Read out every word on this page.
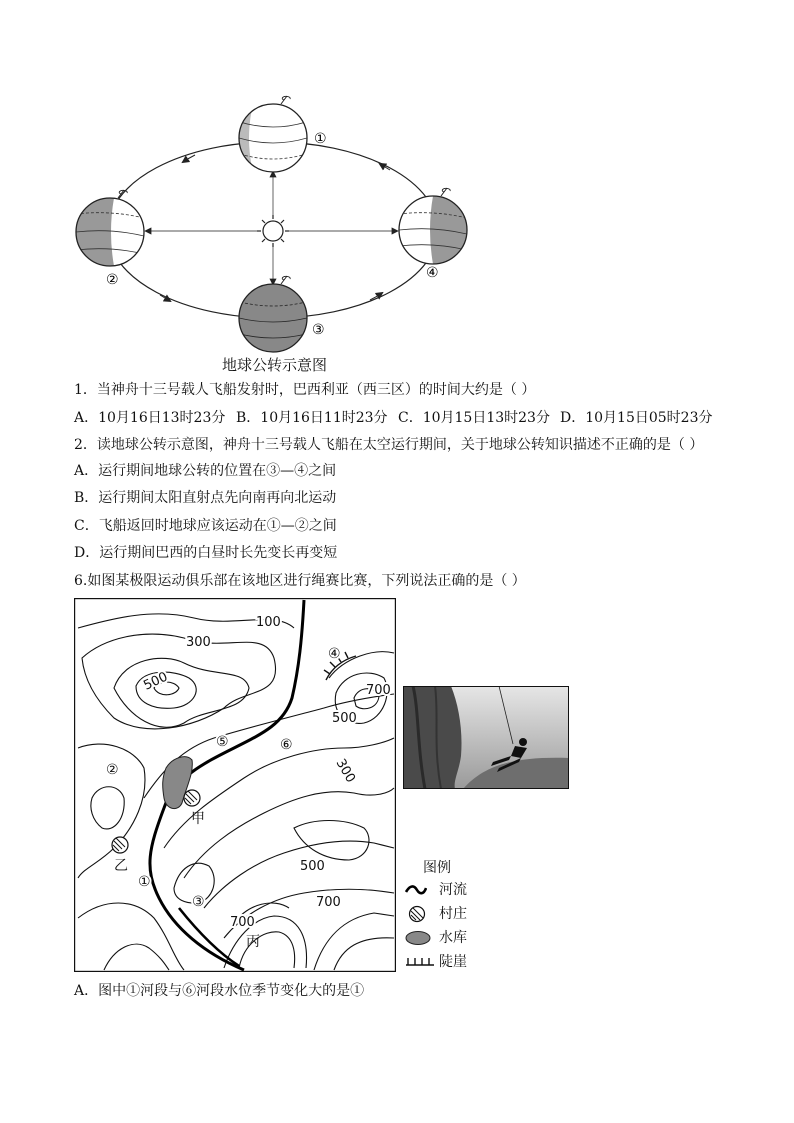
①
②
③
④
地球公转示意图
1．当神舟十三号载人飞船发射时，巴西利亚（西三区）的时间大约是（ ）
A．10月16日13时23分 B．10月16日11时23分 C．10月15日13时23分 D．10月15日05时23分
2．读地球公转示意图，神舟十三号载人飞船在太空运行期间，关于地球公转知识描述不正确的是（ ）
A．运行期间地球公转的位置在③—④之间
B．运行期间太阳直射点先向南再向北运动
C．飞船返回时地球应该运动在①—②之间
D．运行期间巴西的白昼时长先变长再变短
6.如图某极限运动俱乐部在该地区进行绳赛比赛，下列说法正确的是（ ）
100
300
500	700
500
300
500
700
700
①
②
③
④
⑤	⑥
甲
乙
丙
图例
河流
村庄
水库
陡崖
A．图中①河段与⑥河段水位季节变化大的是①
